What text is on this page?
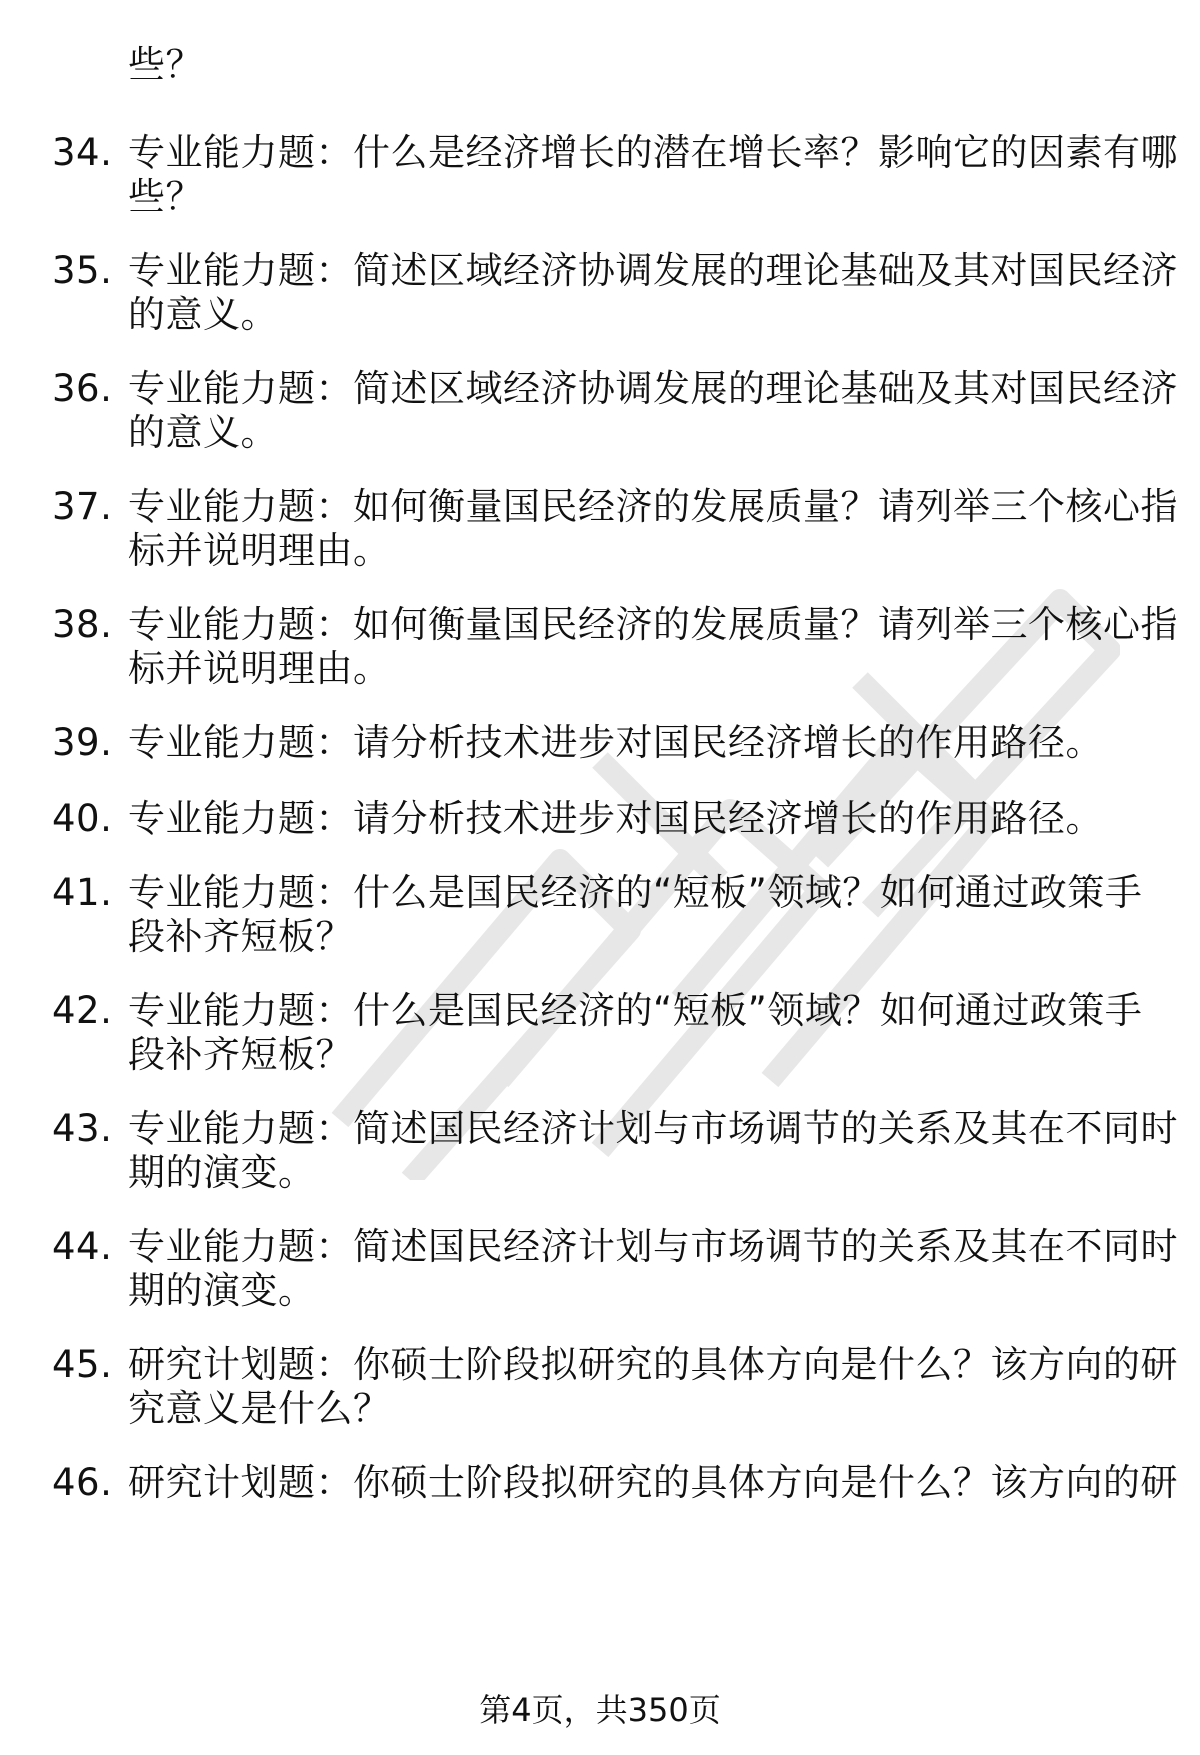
些？
34. 专业能力题：什么是经济增长的潜在增长率？影响它的因素有哪
些？
35. 专业能力题：简述区域经济协调发展的理论基础及其对国民经济
的意义。
36. 专业能力题：简述区域经济协调发展的理论基础及其对国民经济
的意义。
37. 专业能力题：如何衡量国民经济的发展质量？请列举三个核心指
标并说明理由。
38. 专业能力题：如何衡量国民经济的发展质量？请列举三个核心指
标并说明理由。
39. 专业能力题：请分析技术进步对国民经济增长的作用路径。
40. 专业能力题：请分析技术进步对国民经济增长的作用路径。
41. 专业能力题：什么是国民经济的“短板”领域？如何通过政策手
段补齐短板？
42. 专业能力题：什么是国民经济的“短板”领域？如何通过政策手
段补齐短板？
43. 专业能力题：简述国民经济计划与市场调节的关系及其在不同时
期的演变。
44. 专业能力题：简述国民经济计划与市场调节的关系及其在不同时
期的演变。
45. 研究计划题：你硕士阶段拟研究的具体方向是什么？该方向的研
究意义是什么？
46. 研究计划题：你硕士阶段拟研究的具体方向是什么？该方向的研
第4页，共350页
